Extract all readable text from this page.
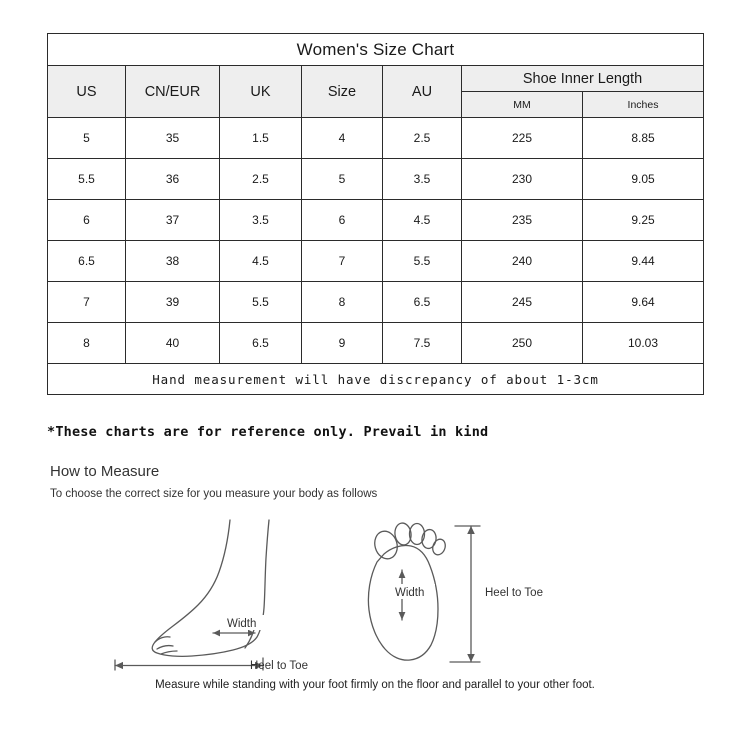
Women's Size Chart						
US	CN/EUR	UK	Size	AU	Shoe Inner Length	
					MM	Inches
5	35	1.5	4	2.5	225	8.85
5.5	36	2.5	5	3.5	230	9.05
6	37	3.5	6	4.5	235	9.25
6.5	38	4.5	7	5.5	240	9.44
7	39	5.5	8	6.5	245	9.64
8	40	6.5	9	7.5	250	10.03
Hand measurement will have discrepancy of about 1-3cm						
*These charts are for reference only. Prevail in kind
How to Measure
To choose the correct size for you measure your body as follows
Width
Heel to Toe
Width	Heel to Toe
Measure while standing with your foot firmly on the floor and parallel to your other foot.
